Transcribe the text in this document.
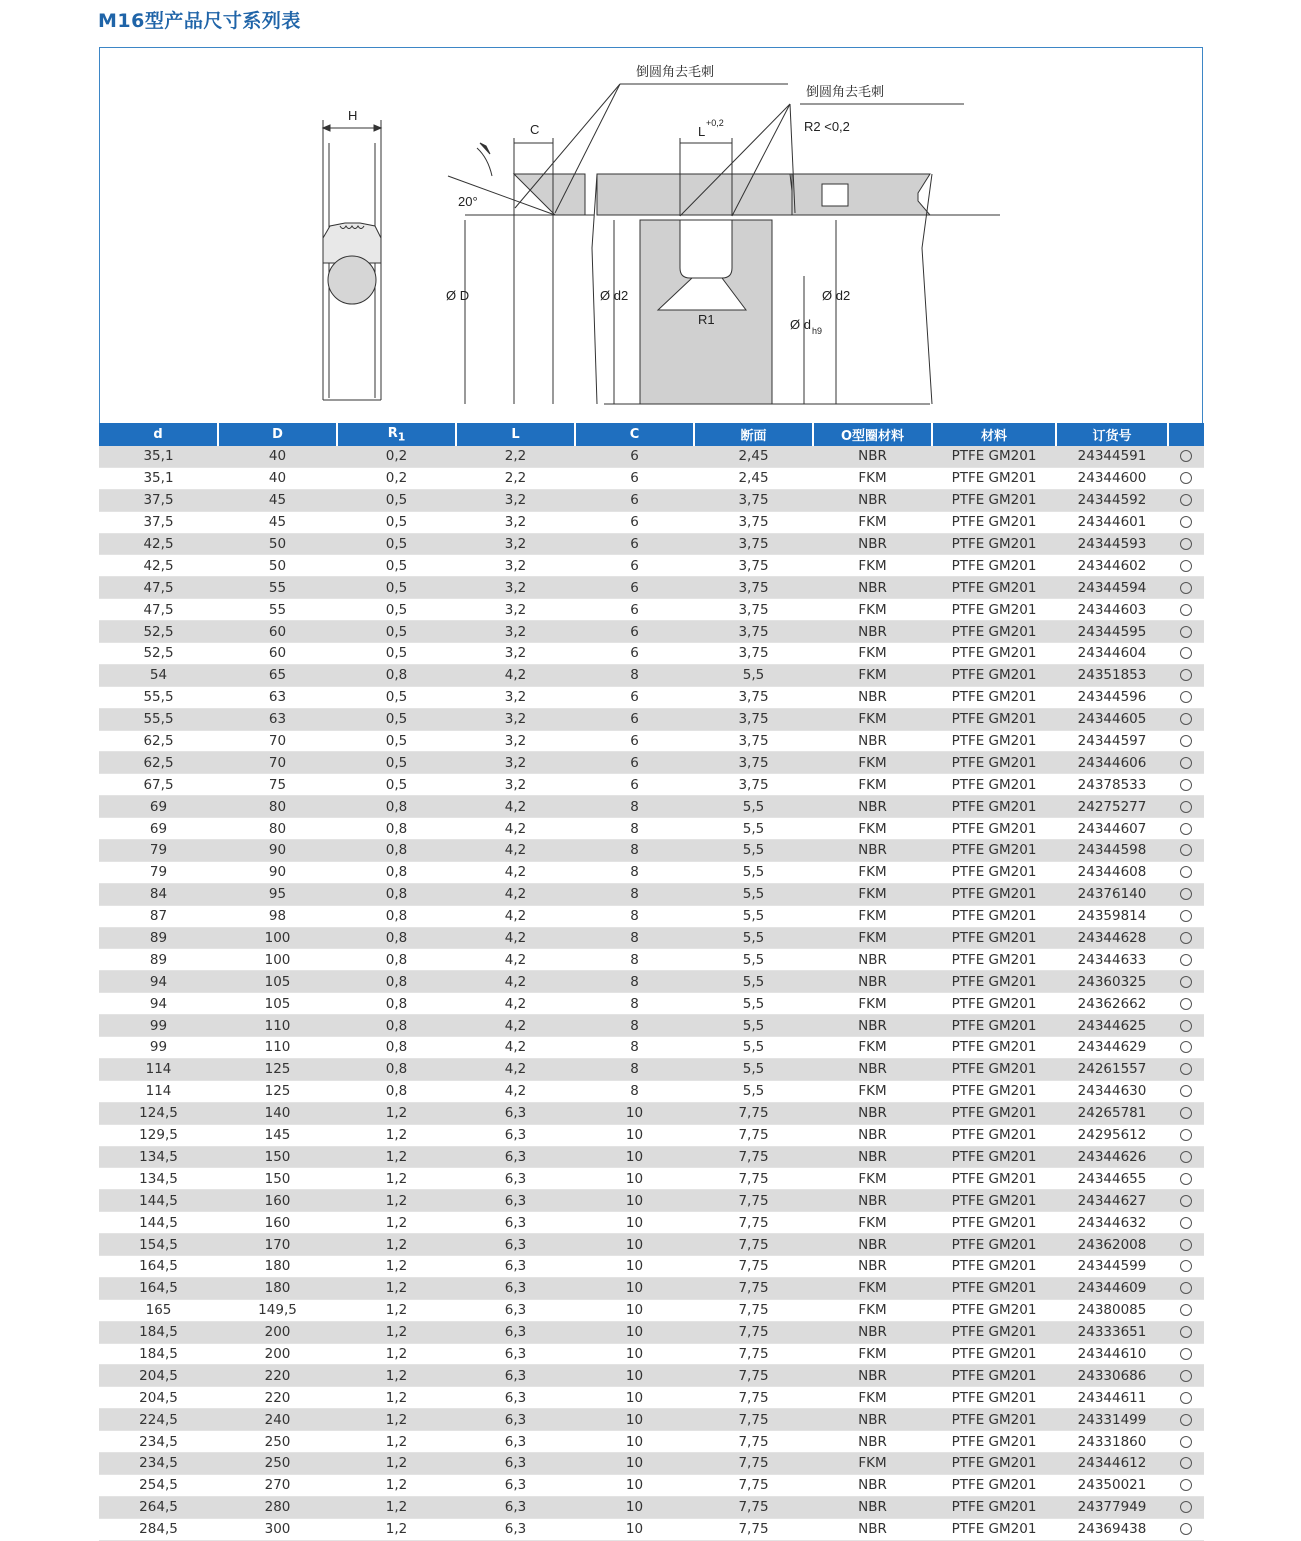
M16型产品尺寸系列表
H
C
20°
Ø D
L
+0,2
Ø d2	Ø d2
Ø d h9
R1
R2 <0,2
倒圆角去毛刺
倒圆角去毛刺
d	D	$R_1$	L	C	断面	O型圈材料	材料	订货号	
35,1	40	0,2	2,2	6	2,45	NBR	PTFE GM201	24344591	
35,1	40	0,2	2,2	6	2,45	FKM	PTFE GM201	24344600	
37,5	45	0,5	3,2	6	3,75	NBR	PTFE GM201	24344592	
37,5	45	0,5	3,2	6	3,75	FKM	PTFE GM201	24344601	
42,5	50	0,5	3,2	6	3,75	NBR	PTFE GM201	24344593	
42,5	50	0,5	3,2	6	3,75	FKM	PTFE GM201	24344602	
47,5	55	0,5	3,2	6	3,75	NBR	PTFE GM201	24344594	
47,5	55	0,5	3,2	6	3,75	FKM	PTFE GM201	24344603	
52,5	60	0,5	3,2	6	3,75	NBR	PTFE GM201	24344595	
52,5	60	0,5	3,2	6	3,75	FKM	PTFE GM201	24344604	
54	65	0,8	4,2	8	5,5	FKM	PTFE GM201	24351853	
55,5	63	0,5	3,2	6	3,75	NBR	PTFE GM201	24344596	
55,5	63	0,5	3,2	6	3,75	FKM	PTFE GM201	24344605	
62,5	70	0,5	3,2	6	3,75	NBR	PTFE GM201	24344597	
62,5	70	0,5	3,2	6	3,75	FKM	PTFE GM201	24344606	
67,5	75	0,5	3,2	6	3,75	FKM	PTFE GM201	24378533	
69	80	0,8	4,2	8	5,5	NBR	PTFE GM201	24275277	
69	80	0,8	4,2	8	5,5	FKM	PTFE GM201	24344607	
79	90	0,8	4,2	8	5,5	NBR	PTFE GM201	24344598	
79	90	0,8	4,2	8	5,5	FKM	PTFE GM201	24344608	
84	95	0,8	4,2	8	5,5	FKM	PTFE GM201	24376140	
87	98	0,8	4,2	8	5,5	FKM	PTFE GM201	24359814	
89	100	0,8	4,2	8	5,5	FKM	PTFE GM201	24344628	
89	100	0,8	4,2	8	5,5	NBR	PTFE GM201	24344633	
94	105	0,8	4,2	8	5,5	NBR	PTFE GM201	24360325	
94	105	0,8	4,2	8	5,5	FKM	PTFE GM201	24362662	
99	110	0,8	4,2	8	5,5	NBR	PTFE GM201	24344625	
99	110	0,8	4,2	8	5,5	FKM	PTFE GM201	24344629	
114	125	0,8	4,2	8	5,5	NBR	PTFE GM201	24261557	
114	125	0,8	4,2	8	5,5	FKM	PTFE GM201	24344630	
124,5	140	1,2	6,3	10	7,75	NBR	PTFE GM201	24265781	
129,5	145	1,2	6,3	10	7,75	NBR	PTFE GM201	24295612	
134,5	150	1,2	6,3	10	7,75	NBR	PTFE GM201	24344626	
134,5	150	1,2	6,3	10	7,75	FKM	PTFE GM201	24344655	
144,5	160	1,2	6,3	10	7,75	NBR	PTFE GM201	24344627	
144,5	160	1,2	6,3	10	7,75	FKM	PTFE GM201	24344632	
154,5	170	1,2	6,3	10	7,75	NBR	PTFE GM201	24362008	
164,5	180	1,2	6,3	10	7,75	NBR	PTFE GM201	24344599	
164,5	180	1,2	6,3	10	7,75	FKM	PTFE GM201	24344609	
165	149,5	1,2	6,3	10	7,75	FKM	PTFE GM201	24380085	
184,5	200	1,2	6,3	10	7,75	NBR	PTFE GM201	24333651	
184,5	200	1,2	6,3	10	7,75	FKM	PTFE GM201	24344610	
204,5	220	1,2	6,3	10	7,75	NBR	PTFE GM201	24330686	
204,5	220	1,2	6,3	10	7,75	FKM	PTFE GM201	24344611	
224,5	240	1,2	6,3	10	7,75	NBR	PTFE GM201	24331499	
234,5	250	1,2	6,3	10	7,75	NBR	PTFE GM201	24331860	
234,5	250	1,2	6,3	10	7,75	FKM	PTFE GM201	24344612	
254,5	270	1,2	6,3	10	7,75	NBR	PTFE GM201	24350021	
264,5	280	1,2	6,3	10	7,75	NBR	PTFE GM201	24377949	
284,5	300	1,2	6,3	10	7,75	NBR	PTFE GM201	24369438	
